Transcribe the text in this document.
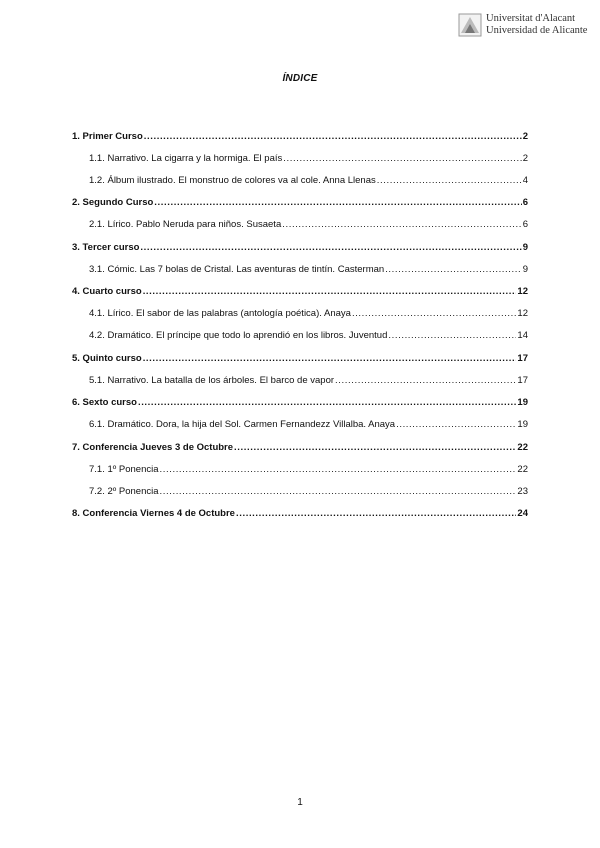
Universitat d'Alacant
Universidad de Alicante
ÍNDICE
1. Primer Curso .....	2
1.1. Narrativo. La cigarra y la hormiga. El país .....	2
1.2. Álbum ilustrado. El monstruo de colores va al cole. Anna Llenas .....	4
2. Segundo Curso .....	6
2.1. Lírico. Pablo Neruda para niños. Susaeta .....	6
3. Tercer curso .....	9
3.1. Cómic. Las 7 bolas de Cristal. Las aventuras de tintín. Casterman .....	9
4. Cuarto curso .....	12
4.1. Lírico. El sabor de las palabras (antología poética). Anaya .....	12
4.2. Dramático. El príncipe que todo lo aprendió en los libros. Juventud .....	14
5. Quinto curso .....	17
5.1. Narrativo. La batalla de los árboles. El barco de vapor .....	17
6. Sexto curso .....	19
6.1. Dramático. Dora, la hija del Sol. Carmen Fernandezz Villalba. Anaya .....	19
7. Conferencia Jueves 3 de Octubre .....	22
7.1. 1º Ponencia .....	22
7.2. 2º Ponencia .....	23
8. Conferencia Viernes 4 de Octubre .....	24
1
